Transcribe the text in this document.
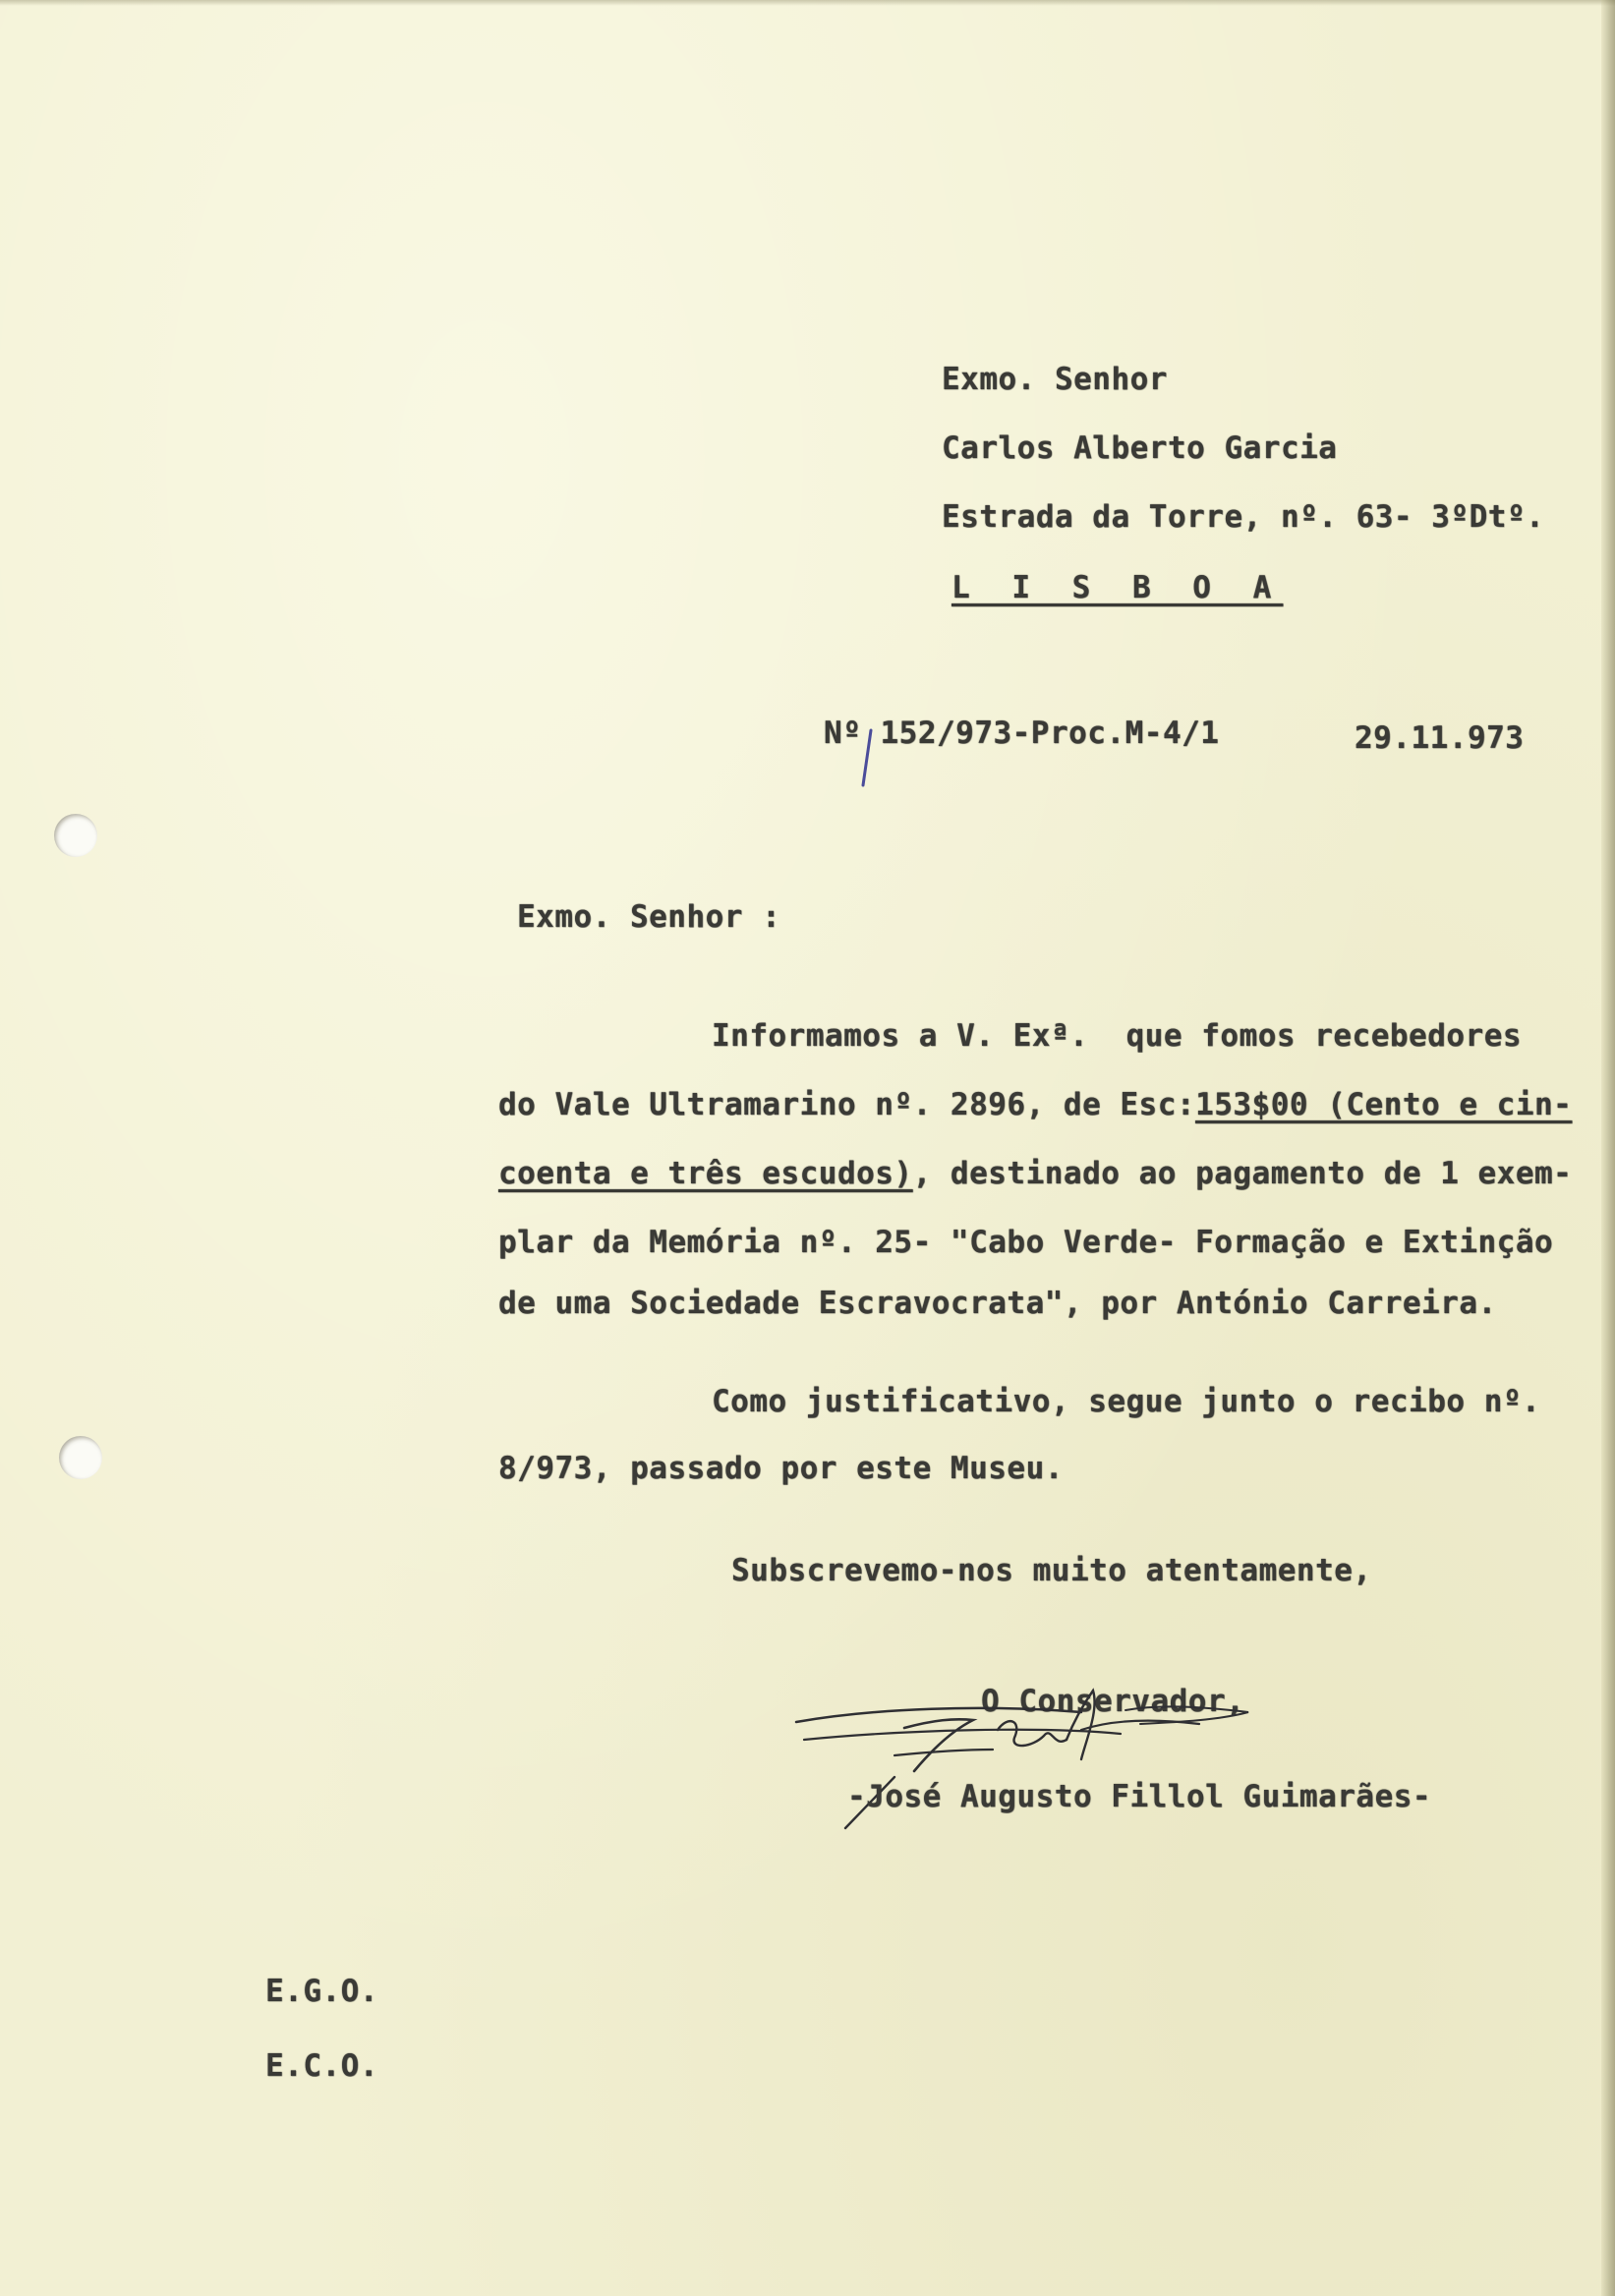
Exmo. Senhor
Carlos Alberto Garcia
Estrada da Torre, nº. 63- 3ºDtº.
L I S B O A
Nº 152/973-Proc.M-4/1	29.11.973
Exmo. Senhor :
Informamos a V. Exª.  que fomos recebedores
do Vale Ultramarino nº. 2896, de Esc:153$00 (Cento e cin-
coenta e três escudos), destinado ao pagamento de 1 exem-
plar da Memória nº. 25- "Cabo Verde- Formação e Extinção
de uma Sociedade Escravocrata", por António Carreira.
Como justificativo, segue junto o recibo nº.
8/973, passado por este Museu.
Subscrevemo-nos muito atentamente,
O Conservador,
-José Augusto Fillol Guimarães-
E.G.O.
E.C.O.
